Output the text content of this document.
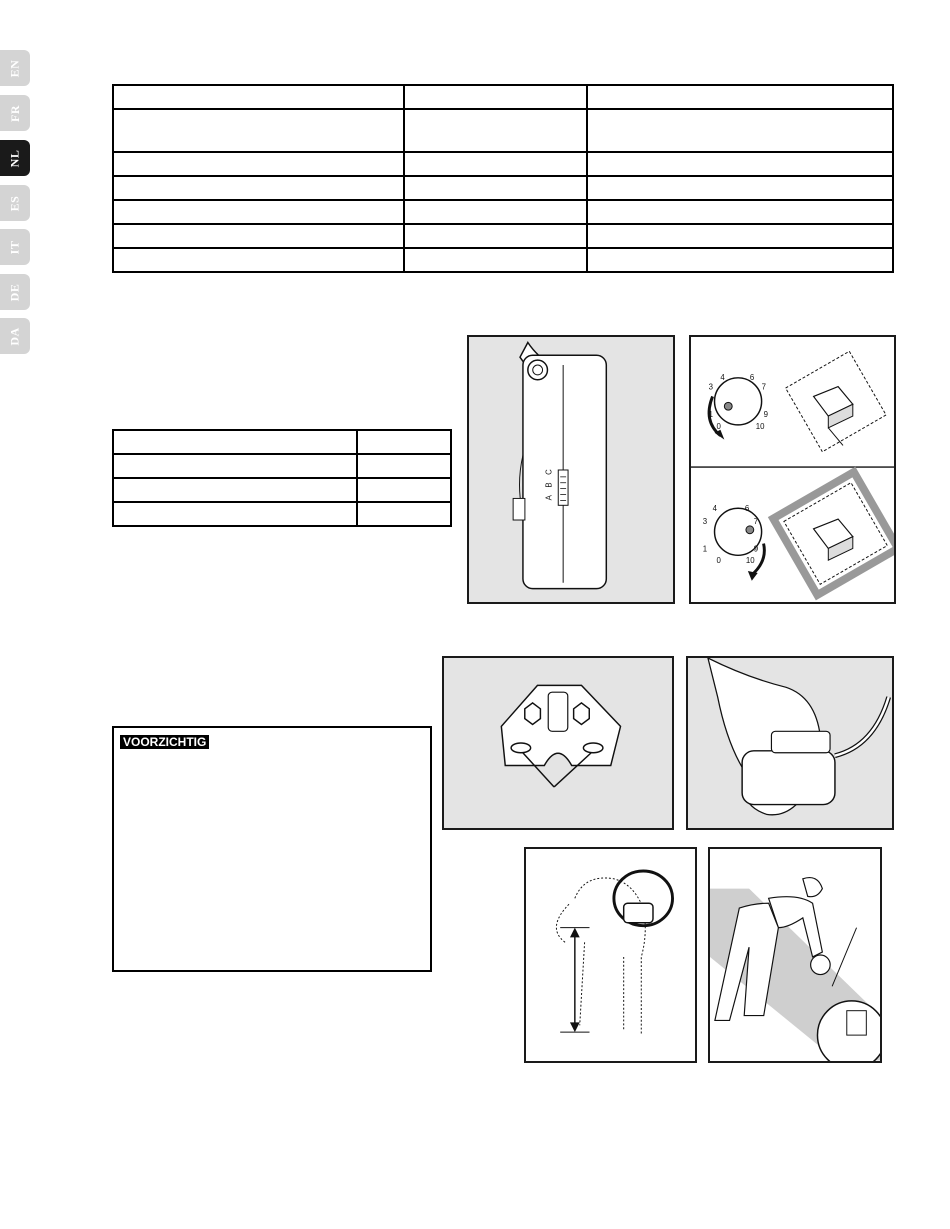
EN
FR
NL
ES
IT
DE
DA

A
B
C
0
1
3
4	6
7
9
10
0
1
3
4	6
7
9
10
VOORZICHTIG
